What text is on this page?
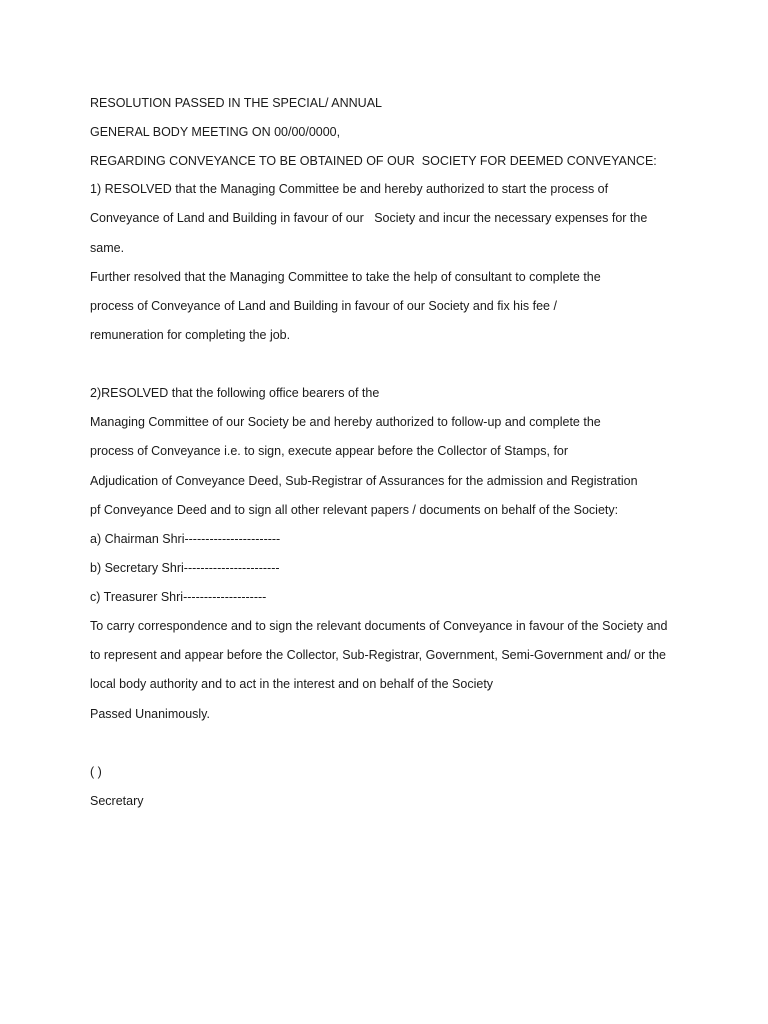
RESOLUTION PASSED IN THE SPECIAL/ ANNUAL
GENERAL BODY MEETING ON 00/00/0000,
REGARDING CONVEYANCE TO BE OBTAINED OF OUR  SOCIETY FOR DEEMED CONVEYANCE:
1) RESOLVED that the Managing Committee be and hereby authorized to start the process of
Conveyance of Land and Building in favour of our   Society and incur the necessary expenses for the
same.
Further resolved that the Managing Committee to take the help of consultant to complete the
process of Conveyance of Land and Building in favour of our Society and fix his fee /
remuneration for completing the job.
2)RESOLVED that the following office bearers of the
Managing Committee of our Society be and hereby authorized to follow-up and complete the
process of Conveyance i.e. to sign, execute appear before the Collector of Stamps, for
Adjudication of Conveyance Deed, Sub-Registrar of Assurances for the admission and Registration
pf Conveyance Deed and to sign all other relevant papers / documents on behalf of the Society:
a) Chairman Shri-----------------------
b) Secretary Shri-----------------------
c) Treasurer Shri--------------------
To carry correspondence and to sign the relevant documents of Conveyance in favour of the Society and
to represent and appear before the Collector, Sub-Registrar, Government, Semi-Government and/ or the
local body authority and to act in the interest and on behalf of the Society
Passed Unanimously.
( )
Secretary
